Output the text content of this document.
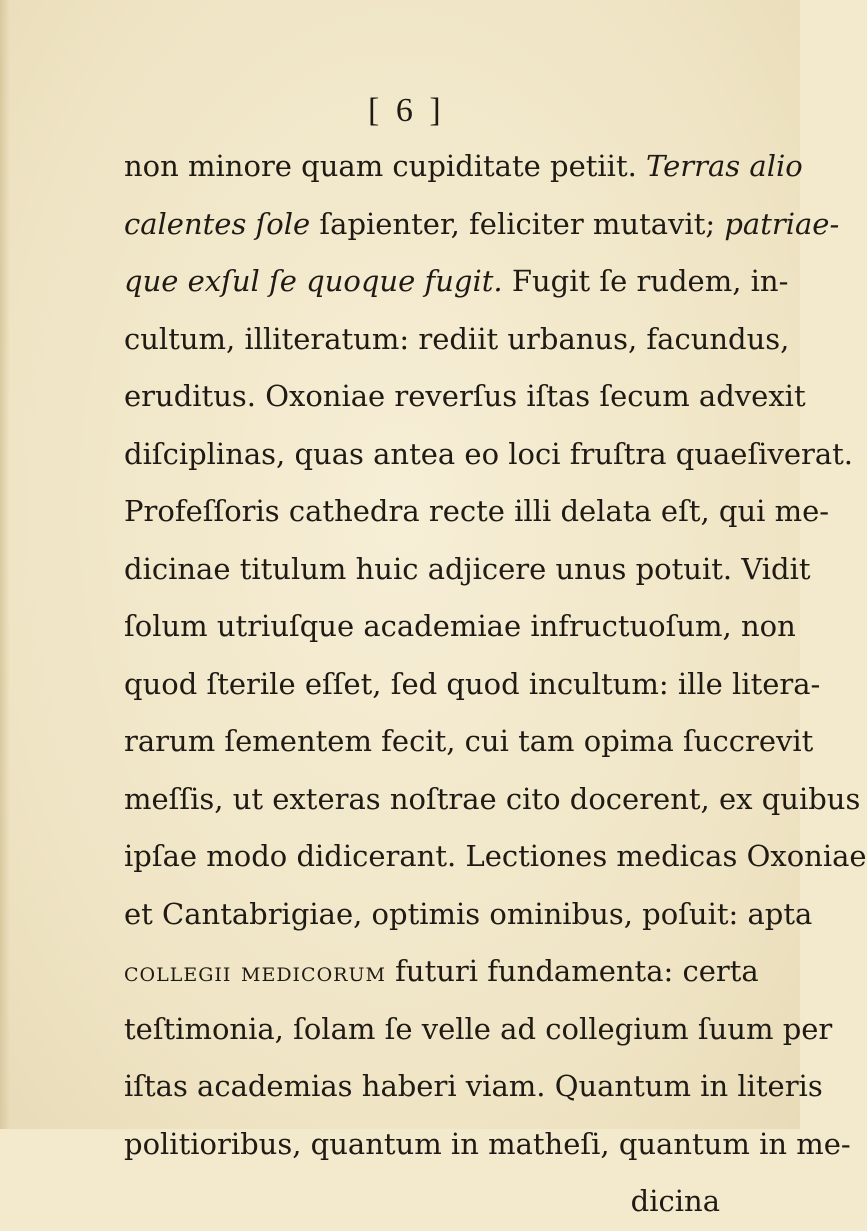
[ 6 ]
non minore quam cupiditate petiit. Terras alio
calentes ſole ſapienter, feliciter mutavit; patriae-
que exſul ſe quoque fugit. Fugit ſe rudem, in-
cultum, illiteratum: rediit urbanus, facundus,
eruditus. Oxoniae reverſus iſtas ſecum advexit
diſciplinas, quas antea eo loci fruſtra quaeſiverat.
Profeſſoris cathedra recte illi delata eſt, qui me-
dicinae titulum huic adjicere unus potuit. Vidit
ſolum utriuſque academiae infructuoſum, non
quod ſterile eſſet, ſed quod incultum: ille litera-
rarum ſementem fecit, cui tam opima ſuccrevit
meſſis, ut exteras noſtrae cito docerent, ex quibus
ipſae modo didicerant. Lectiones medicas Oxoniae
et Cantabrigiae, optimis ominibus, poſuit: apta
collegii medicorum futuri fundamenta: certa
teſtimonia, ſolam ſe velle ad collegium ſuum per
iſtas academias haberi viam. Quantum in literis
politioribus, quantum in matheſi, quantum in me-
dicina
